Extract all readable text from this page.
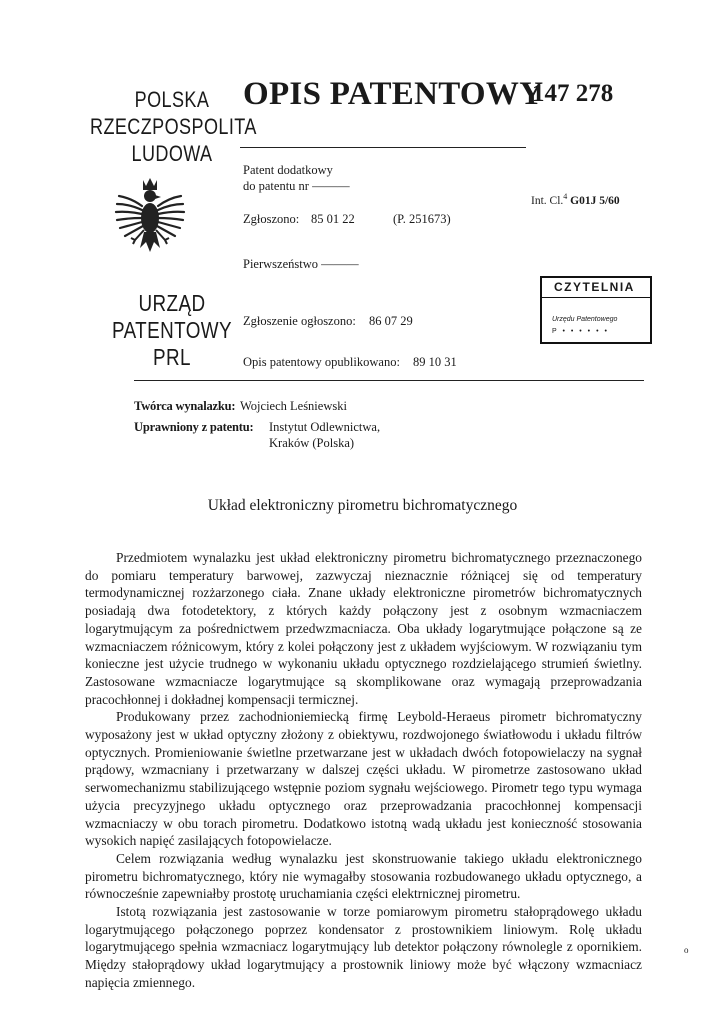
POLSKA
RZECZPOSPOLITA
LUDOWA
URZĄD
PATENTOWY
PRL
OPIS PATENTOWY
147 278
Patent dodatkowy
do patentu nr ———
Zgłoszono: 85 01 22	(P. 251673)
Pierwszeństwo ———
Zgłoszenie ogłoszono: 86 07 29
Opis patentowy opublikowano: 89 10 31
Int. Cl.$^4$ G01J 5/60
CZYTELNIA
Urzędu Patentowego
P • • • • • •
Twórca wynalazku: Wojciech Leśniewski
Uprawniony z patentu: Instytut Odlewnictwa,
Kraków (Polska)
Układ elektroniczny pirometru bichromatycznego

Przedmiotem wynalazku jest układ elektroniczny pirometru bichromatycznego przeznaczonego do pomiaru temperatury barwowej, zazwyczaj nieznacznie różniącej się od temperatury termodynamicznej rozżarzonego ciała. Znane układy elektroniczne pirometrów bichromatycznych posiadają dwa fotodetektory, z których każdy połączony jest z osobnym wzmacniaczem logarytmującym za pośrednictwem przedwzmacniacza. Oba układy logarytmujące połączone są ze wzmacniaczem różnicowym, który z kolei połączony jest z układem wyjściowym. W rozwiązaniu tym konieczne jest użycie trudnego w wykonaniu układu optycznego rozdzielającego strumień świetlny. Zastosowane wzmacniacze logarytmujące są skomplikowane oraz wymagają przeprowadzania pracochłonnej i dokładnej kompensacji termicznej.

Produkowany przez zachodnioniemiecką firmę Leybold-Heraeus pirometr bichromatyczny wyposażony jest w układ optyczny złożony z obiektywu, rozdwojonego światłowodu i układu filtrów optycznych. Promieniowanie świetlne przetwarzane jest w układach dwóch fotopowielaczy na sygnał prądowy, wzmacniany i przetwarzany w dalszej części układu. W pirometrze zastosowano układ serwomechanizmu stabilizującego wstępnie poziom sygnału wejściowego. Pirometr tego typu wymaga użycia precyzyjnego układu optycznego oraz przeprowadzania pracochłonnej kompensacji wzmacniaczy w obu torach pirometru. Dodatkowo istotną wadą układu jest konieczność stosowania wysokich napięć zasilających fotopowielacze.

Celem rozwiązania według wynalazku jest skonstruowanie takiego układu elektronicznego pirometru bichromatycznego, który nie wymagałby stosowania rozbudowanego układu optycznego, a równocześnie zapewniałby prostotę uruchamiania części elektrnicznej pirometru.

Istotą rozwiązania jest zastosowanie w torze pomiarowym pirometru stałoprądowego układu logarytmującego połączonego poprzez kondensator z prostownikiem liniowym. Rolę układu logarytmującego spełnia wzmacniacz logarytmujący lub detektor połączony równolegle z opornikiem. Między stałoprądowy układ logarytmujący a prostownik liniowy może być włączony wzmacniacz napięcia zmiennego.

o
